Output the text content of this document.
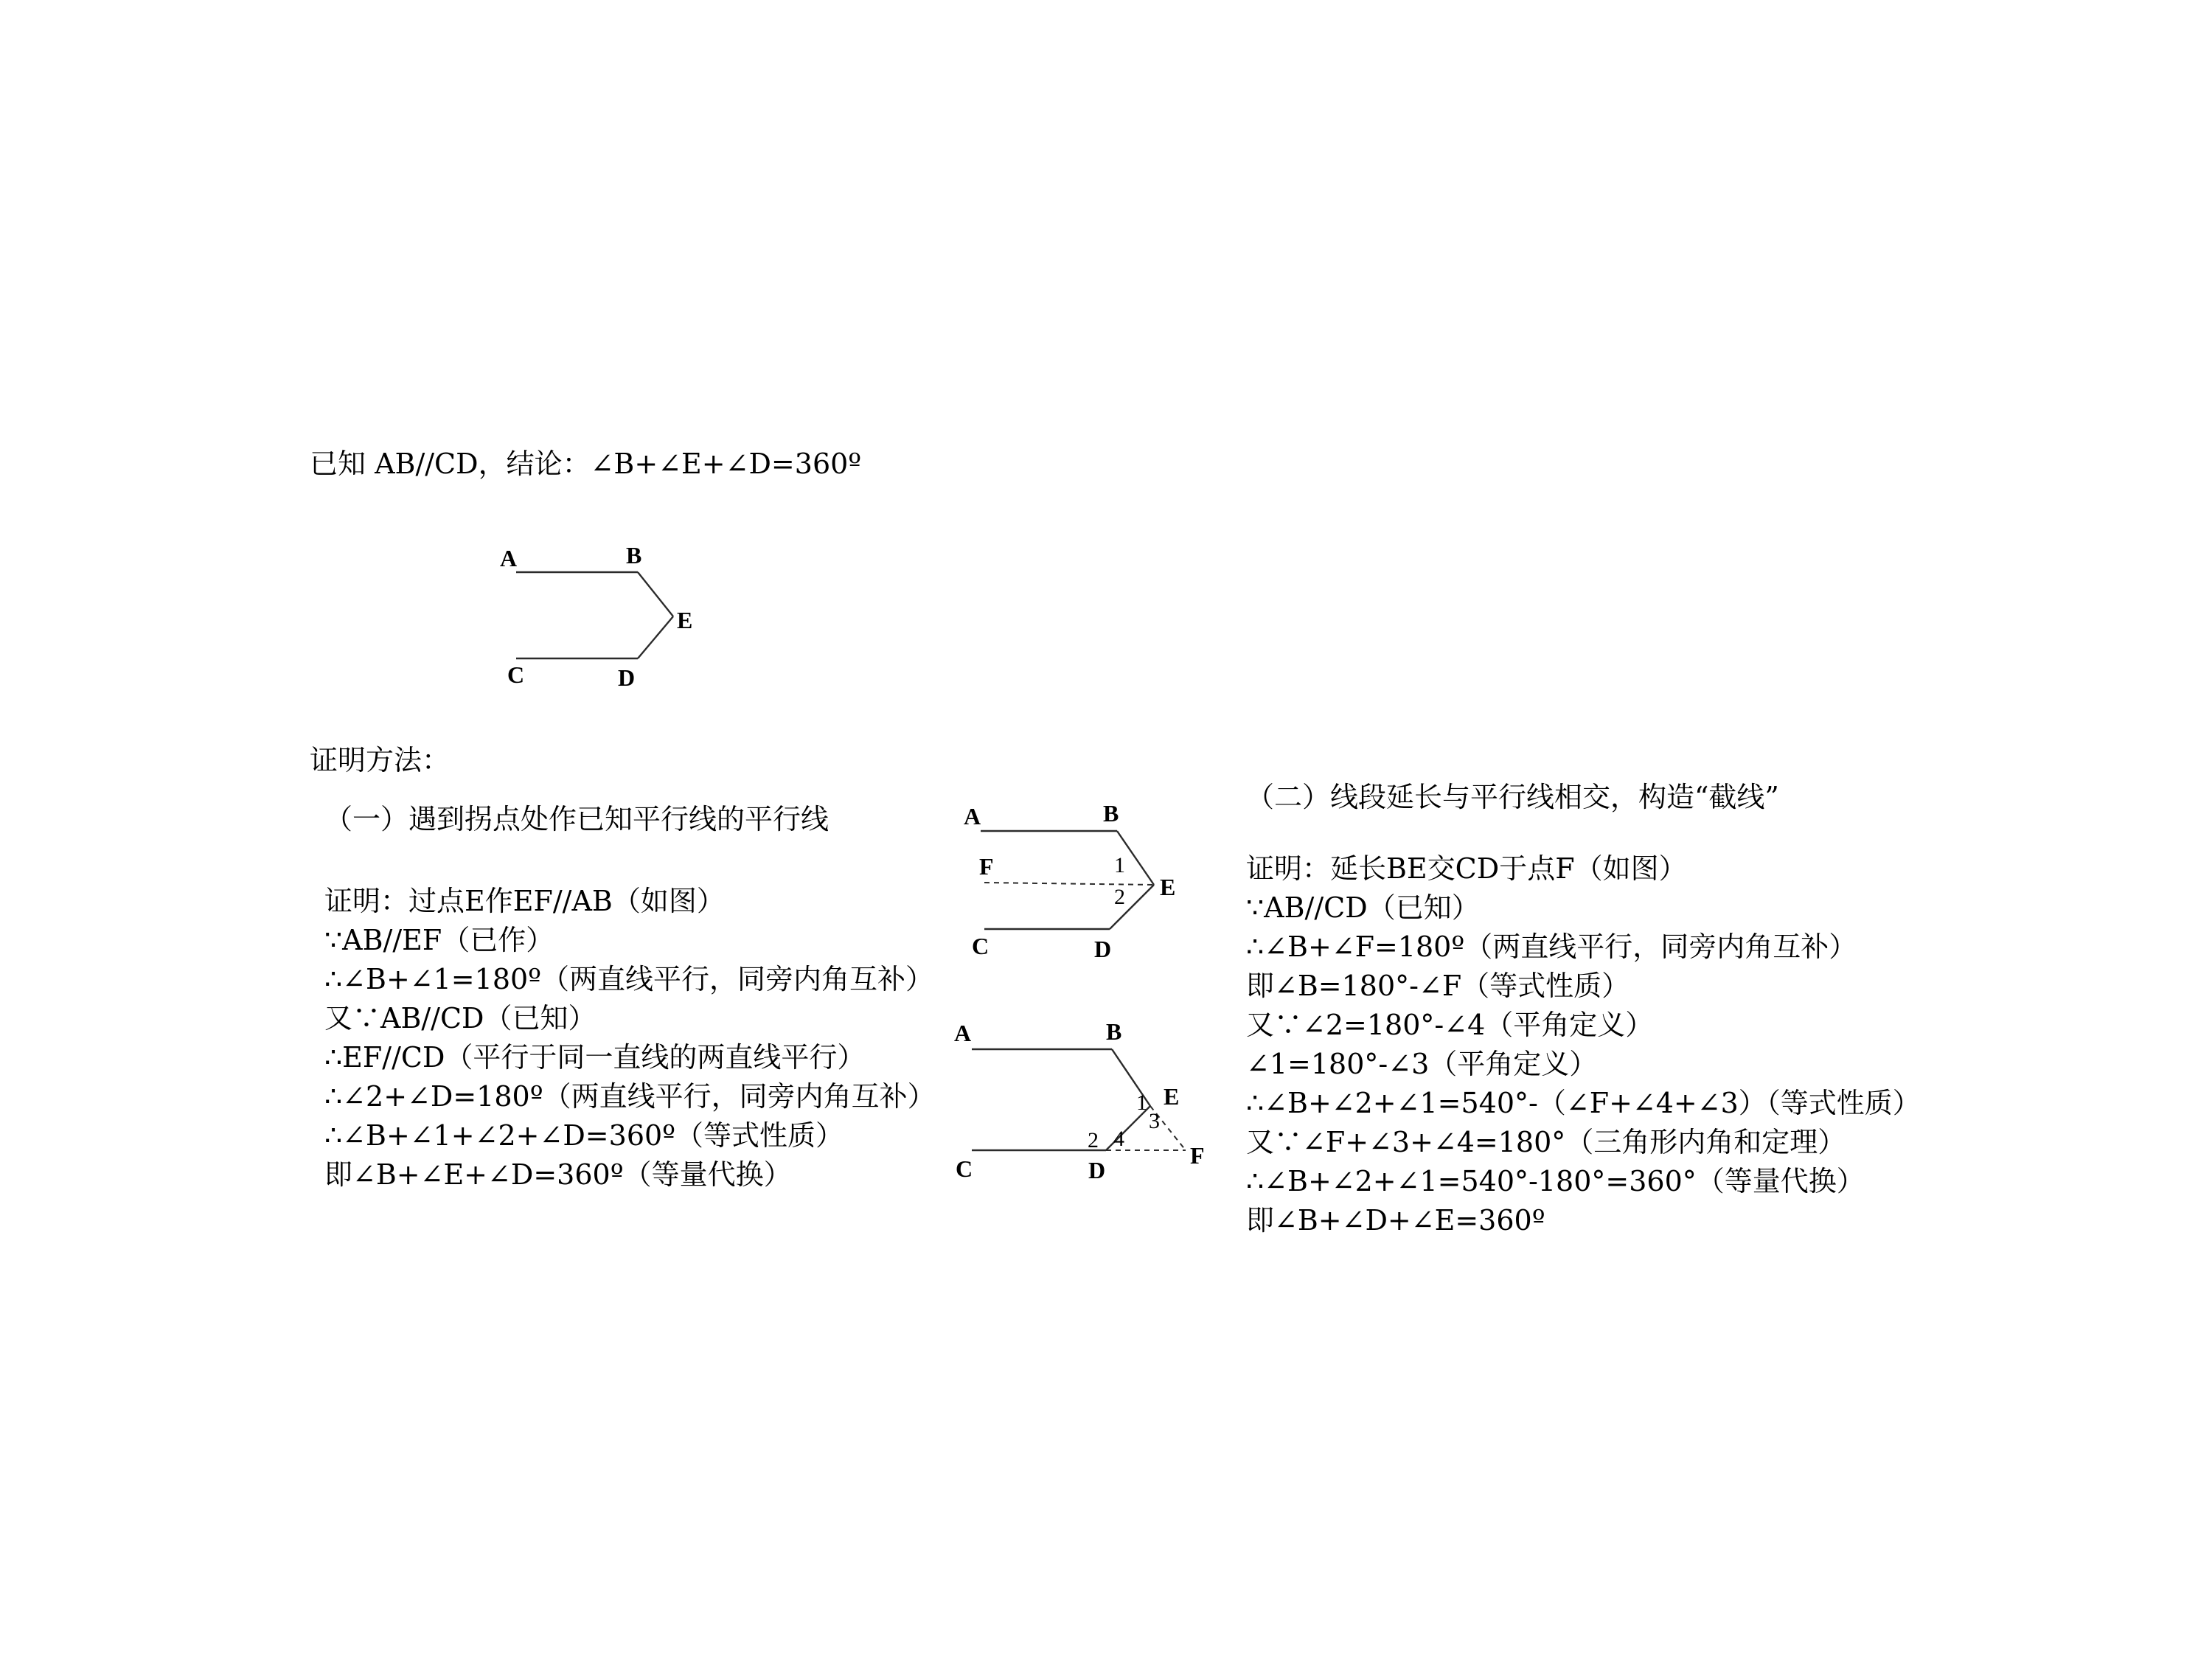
已知 AB//CD，结论：∠B+∠E+∠D=360º
A	B
E
C	D
证明方法：
（一）遇到拐点处作已知平行线的平行线
证明：过点E作EF//AB（如图）
∵AB//EF（已作）
∴∠B+∠1=180º（两直线平行，同旁内角互补）
又∵AB//CD（已知）
∴EF//CD（平行于同一直线的两直线平行）
∴∠2+∠D=180º（两直线平行，同旁内角互补）
∴∠B+∠1+∠2+∠D=360º（等式性质）
即∠B+∠E+∠D=360º（等量代换）
A	B
F
E
1
2
C	D
A	B
E
1
3
2 4
F
C	D
（二）线段延长与平行线相交，构造“截线”
证明：延长BE交CD于点F（如图）
∵AB//CD（已知）
∴∠B+∠F=180º（两直线平行，同旁内角互补）
即∠B=180°-∠F（等式性质）
又∵∠2=180°-∠4（平角定义）
∠1=180°-∠3（平角定义）
∴∠B+∠2+∠1=540°-（∠F+∠4+∠3）（等式性质）
又∵∠F+∠3+∠4=180°（三角形内角和定理）
∴∠B+∠2+∠1=540°-180°=360°（等量代换）
即∠B+∠D+∠E=360º
